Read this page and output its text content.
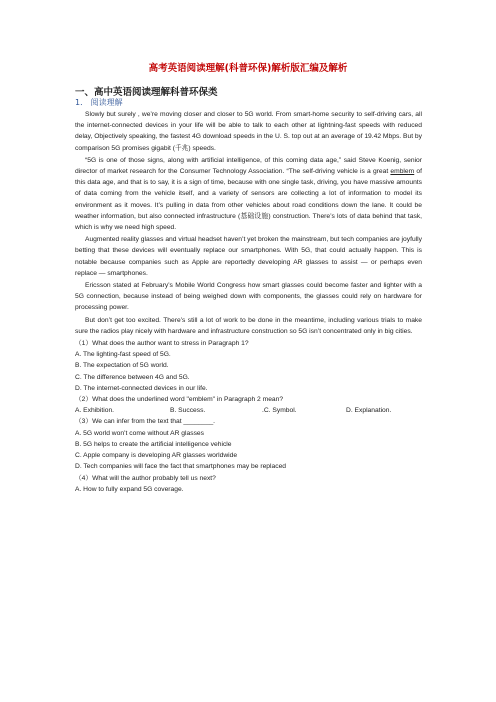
高考英语阅读理解(科普环保)解析版汇编及解析
一、高中英语阅读理解科普环保类
1． 阅读理解

Slowly but surely , we’re moving closer and closer to 5G world. From smart-home security to self-driving cars, all the internet-connected devices in your life will be able to talk to each other at lightning-fast speeds with reduced delay, Objectively speaking, the fastest 4G download speeds in the U. S. top out at an average of 19.42 Mbps. But by comparison 5G promises gigabit (千兆) speeds.

“5G is one of those signs, along with artificial intelligence, of this coming data age,” said Steve Koenig, senior director of market research for the Consumer Technology Association. “The self-driving vehicle is a great emblem of this data age, and that is to say, it is a sign of time, because with one single task, driving, you have massive amounts of data coming from the vehicle itself, and a variety of sensors are collecting a lot of information to model its environment as it moves. It’s pulling in data from other vehicles about road conditions down the lane. It could be weather information, but also connected infrastructure (基础设施) construction. There’s lots of data behind that task, which is why we need high speed.

Augmented reality glasses and virtual headset haven’t yet broken the mainstream, but tech companies are joyfully betting that these devices will eventually replace our smartphones. With 5G, that could actually happen. This is notable because companies such as Apple are reportedly developing AR glasses to assist — or perhaps even replace — smartphones.

Ericsson stated at February’s Mobile World Congress how smart glasses could become faster and lighter with a 5G connection, because instead of being weighed down with components, the glasses could rely on hardware for processing power.

But don’t get too excited. There’s still a lot of work to be done in the meantime, including various trials to make sure the radios play nicely with hardware and infrastructure construction so 5G isn’t concentrated only in big cities.

（1）What does the author want to stress in Paragraph 1?
A. The lighting-fast speed of 5G.
B. The expectation of 5G world.
C. The difference between 4G and 5G.
D. The internet-connected devices in our life.
（2）What does the underlined word "emblem" in Paragraph 2 mean?
A. Exhibition.	B. Success.	.C. Symbol.	D. Explanation.
（3）We can infer from the text that ________.
A. 5G world won’t come without AR glasses
B. 5G helps to create the artificial intelligence vehicle
C. Apple company is developing AR glasses worldwide
D. Tech companies will face the fact that smartphones may be replaced
（4）What will the author probably tell us next?
A. How to fully expand 5G coverage.
